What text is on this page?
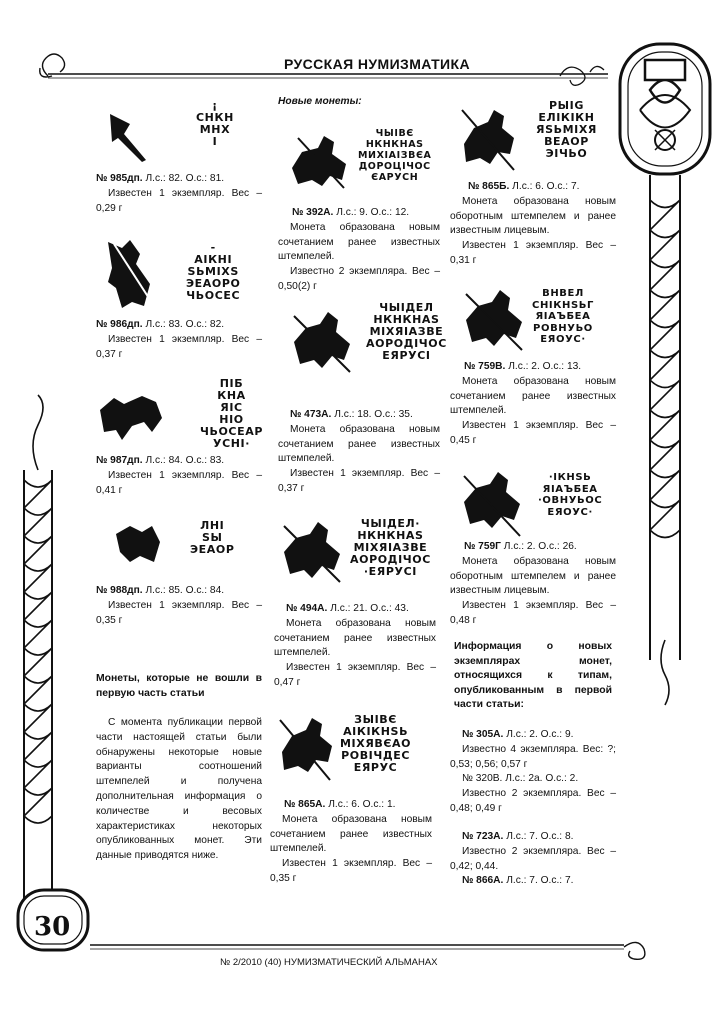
РУССКАЯ НУМИЗМАТИКА
¡
СНКН
МНХ
I
-
АІКНІ
SЬМІХЅ
ЭЕАОРО
ЧЬОСЕС
ПІБ
КНА
ЯІС
НІО
ЧЬОСЕАР
УСНІ·
ЛНІ
SЫ
ЭЕАОР
ЧЫІВЄ
НКНКНАS
МИХІАІЗВЄА
ДОРОЦІЧОС
ЄАРУСН
ЧЫІДЕЛ
НКНКНАS
МІХЯІАЗВЕ
АОРОДІЧОС
ЕЯРУСІ
ЧЫІДЕЛ·
НКНКНАS
МІХЯІАЗВЕ
АОРОДІЧОС
·ЕЯРУСІ
ЗЫІВЄ
АІКІКНЅЬ
МІХЯВЄАО
РОВІЧДЕС
ЕЯРУС
РЫІG
ЕЛІКІКН
ЯЅЬМІХЯ
ВЕАОР
ЭІЧЬО
ВНВЕЛ
СНІКНЅЬГ
ЯІАЪБЕА
РОВНУЬО
ЕЯОУС·
·ІКНЅЬ
ЯІАЪБЕА
·ОВНУЬОС
ЕЯОУС·

№ 985дп. Л.с.: 82. О.с.: 81.

Известен 1 экземпляр. Вес – 0,29 г

№ 986дп. Л.с.: 83. О.с.: 82.

Известен 1 экземпляр. Вес – 0,37 г

№ 987дп. Л.с.: 84. О.с.: 83.

Известен 1 экземпляр. Вес – 0,41 г

№ 988дп. Л.с.: 85. О.с.: 84.

Известен 1 экземпляр. Вес – 0,35 г

Монеты, которые не вошли в первую часть статьи

С момента публикации первой части настоящей статьи были обнаружены некоторые новые варианты соотношений штемпелей и получена дополнительная информация о количестве и весовых характеристиках некоторых опубликованных монет. Эти данные приводятся ниже.

Новые монеты:

№ 392А. Л.с.: 9. О.с.: 12.

Монета образована новым сочетанием ранее известных штемпелей.

Известно 2 экземпляра. Вес – 0,50(2) г

№ 473А. Л.с.: 18. О.с.: 35.

Монета образована новым сочетанием ранее известных штемпелей.

Известен 1 экземпляр. Вес – 0,37 г

№ 494А. Л.с.: 21. О.с.: 43.

Монета образована новым сочетанием ранее известных штемпелей.

Известен 1 экземпляр. Вес – 0,47 г

№ 865А. Л.с.: 6. О.с.: 1.

Монета образована новым сочетанием ранее известных штемпелей.

Известен 1 экземпляр. Вес – 0,35 г

№ 865Б. Л.с.: 6. О.с.: 7.

Монета образована новым оборотным штемпелем и ранее известным лицевым.

Известен 1 экземпляр. Вес – 0,31 г

№ 759В. Л.с.: 2. О.с.: 13.

Монета образована новым сочетанием ранее известных штемпелей.

Известен 1 экземпляр. Вес – 0,45 г

№ 759Г Л.с.: 2. О.с.: 26.

Монета образована новым оборотным штемпелем и ранее известным лицевым.

Известен 1 экземпляр. Вес – 0,48 г

Информация о новых экземплярах монет, относящихся к типам, опубликованным в первой части статьи:

№ 305А. Л.с.: 2. О.с.: 9.

Известно 4 экземпляра. Вес: ?; 0,53; 0,56; 0,57 г

№ 320В. Л.с.: 2а. О.с.: 2.

Известно 2 экземпляра. Вес – 0,48; 0,49 г

№ 723А. Л.с.: 7. О.с.: 8.

Известно 2 экземпляра. Вес – 0,42; 0,44.

№ 866А. Л.с.: 7. О.с.: 7.

30
№ 2/2010 (40) НУМИЗМАТИЧЕСКИЙ АЛЬМАНАХ
